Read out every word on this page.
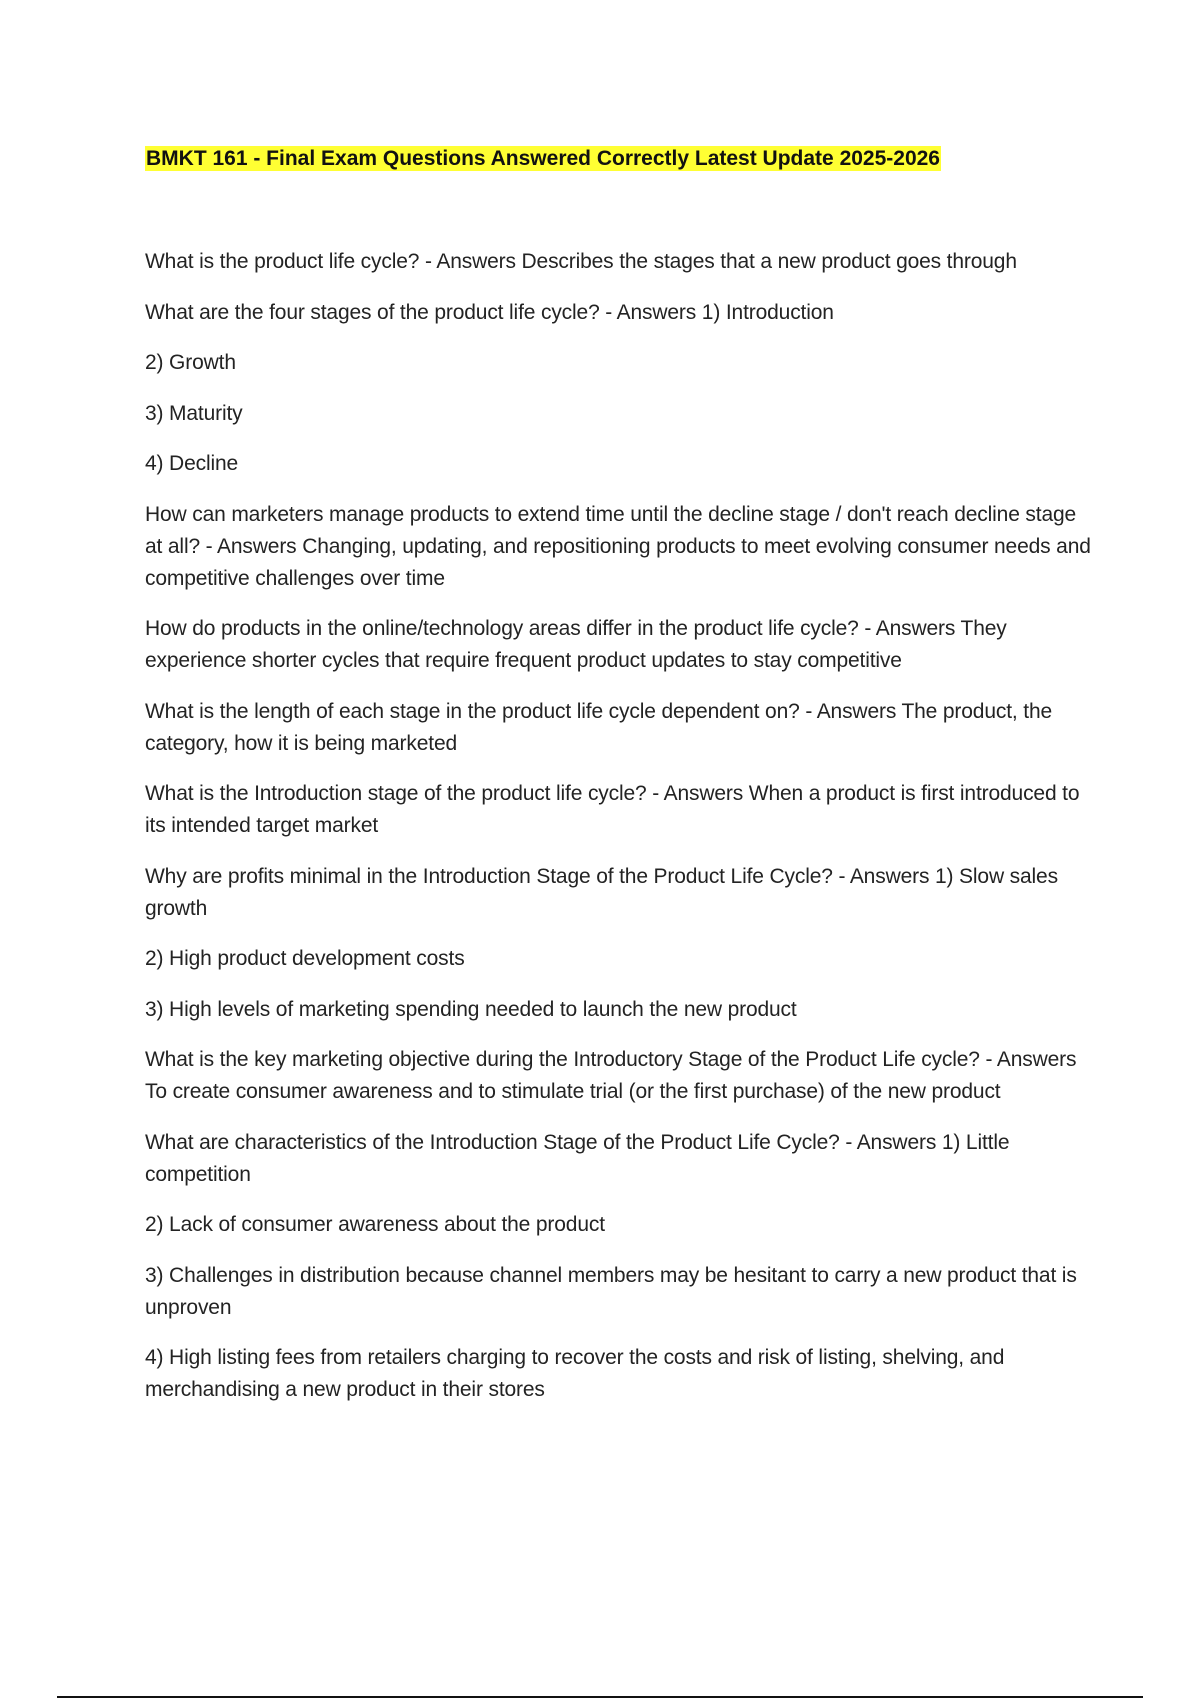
BMKT 161 - Final Exam Questions Answered Correctly Latest Update 2025-2026

What is the product life cycle? - Answers Describes the stages that a new product goes through

What are the four stages of the product life cycle? - Answers 1) Introduction

2) Growth

3) Maturity

4) Decline

How can marketers manage products to extend time until the decline stage / don't reach decline stage at all? - Answers Changing, updating, and repositioning products to meet evolving consumer needs and competitive challenges over time

How do products in the online/technology areas differ in the product life cycle? - Answers They experience shorter cycles that require frequent product updates to stay competitive

What is the length of each stage in the product life cycle dependent on? - Answers The product, the category, how it is being marketed

What is the Introduction stage of the product life cycle? - Answers When a product is first introduced to its intended target market

Why are profits minimal in the Introduction Stage of the Product Life Cycle? - Answers 1) Slow sales growth

2) High product development costs

3) High levels of marketing spending needed to launch the new product

What is the key marketing objective during the Introductory Stage of the Product Life cycle? - Answers To create consumer awareness and to stimulate trial (or the first purchase) of the new product

What are characteristics of the Introduction Stage of the Product Life Cycle? - Answers 1) Little competition

2) Lack of consumer awareness about the product

3) Challenges in distribution because channel members may be hesitant to carry a new product that is unproven

4) High listing fees from retailers charging to recover the costs and risk of listing, shelving, and merchandising a new product in their stores
